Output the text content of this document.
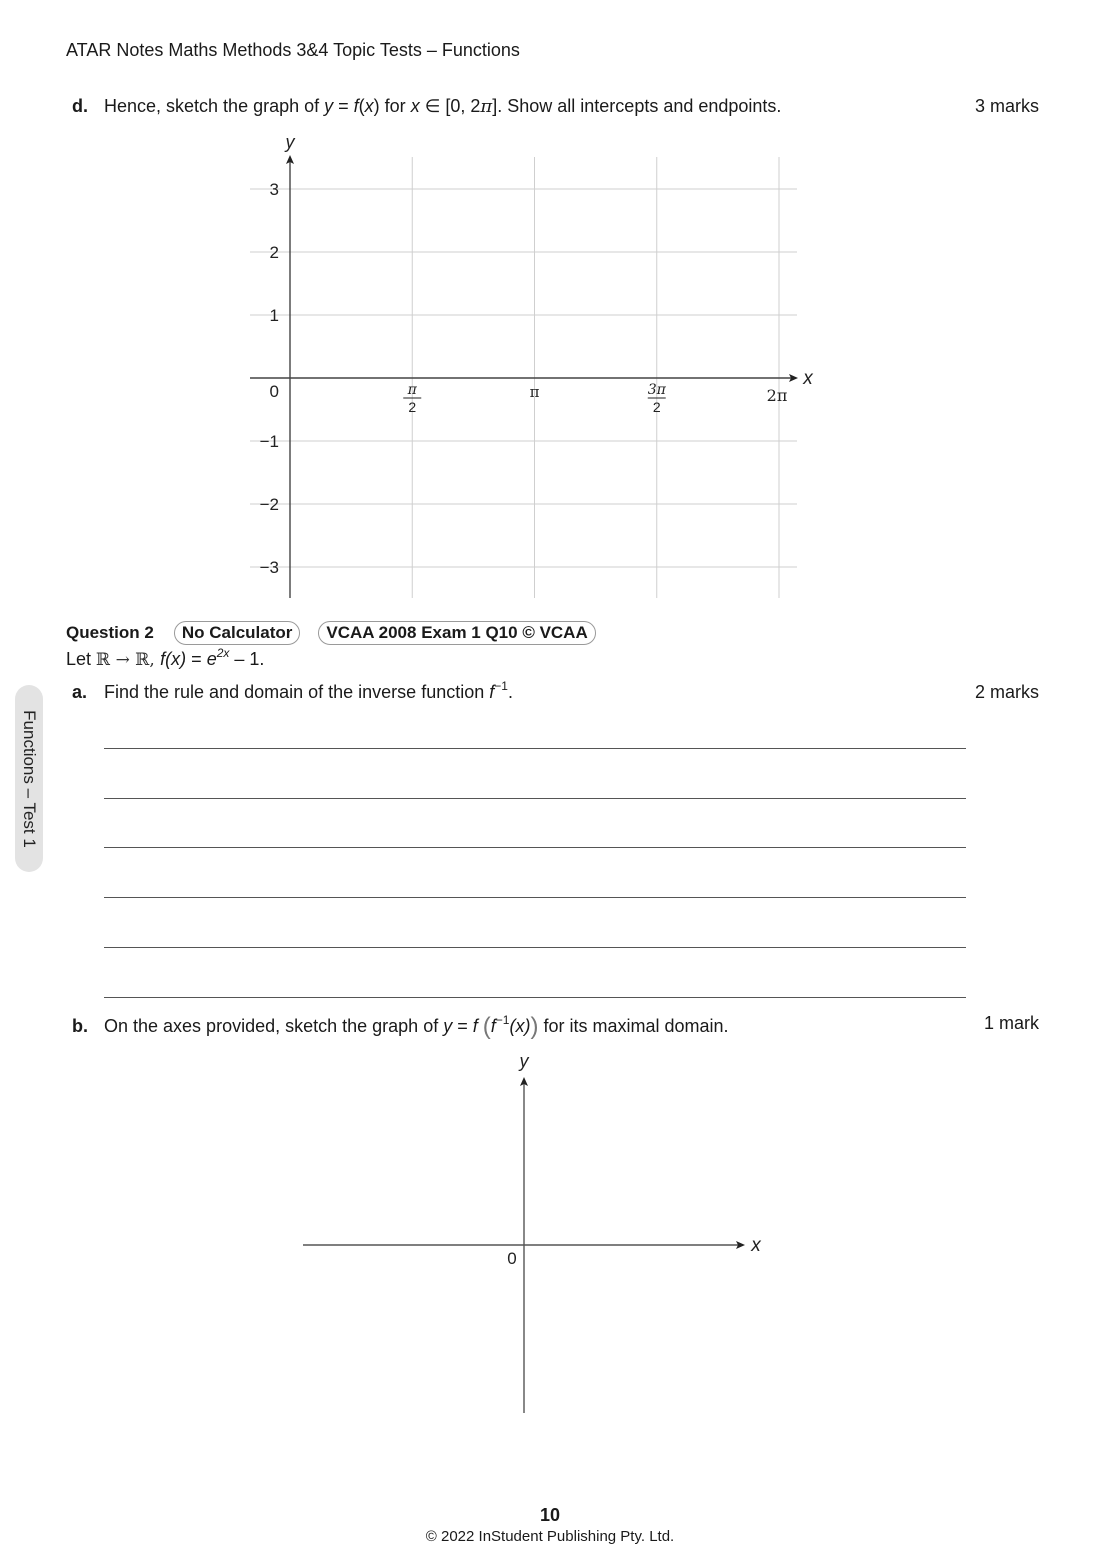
ATAR Notes Maths Methods 3&4 Topic Tests – Functions
d. Hence, sketch the graph of y = f(x) for x ∈ [0, 2π]. Show all intercepts and endpoints.	3 marks
y
x
3
2
1
0
−1
−2
−3
π
2
π	3π
2
2π
Question 2 No Calculator VCAA 2008 Exam 1 Q10 © VCAA
Let ℝ → ℝ, $f(x) = e^{2x} - 1$.
a. Find the rule and domain of the inverse function $f^{-1}$.	2 marks
b. On the axes provided, sketch the graph of y = f $(f^{-1}(x))$ for its maximal domain.	1 mark
y
x
0
Functions – Test 1
10
© 2022 InStudent Publishing Pty. Ltd.
